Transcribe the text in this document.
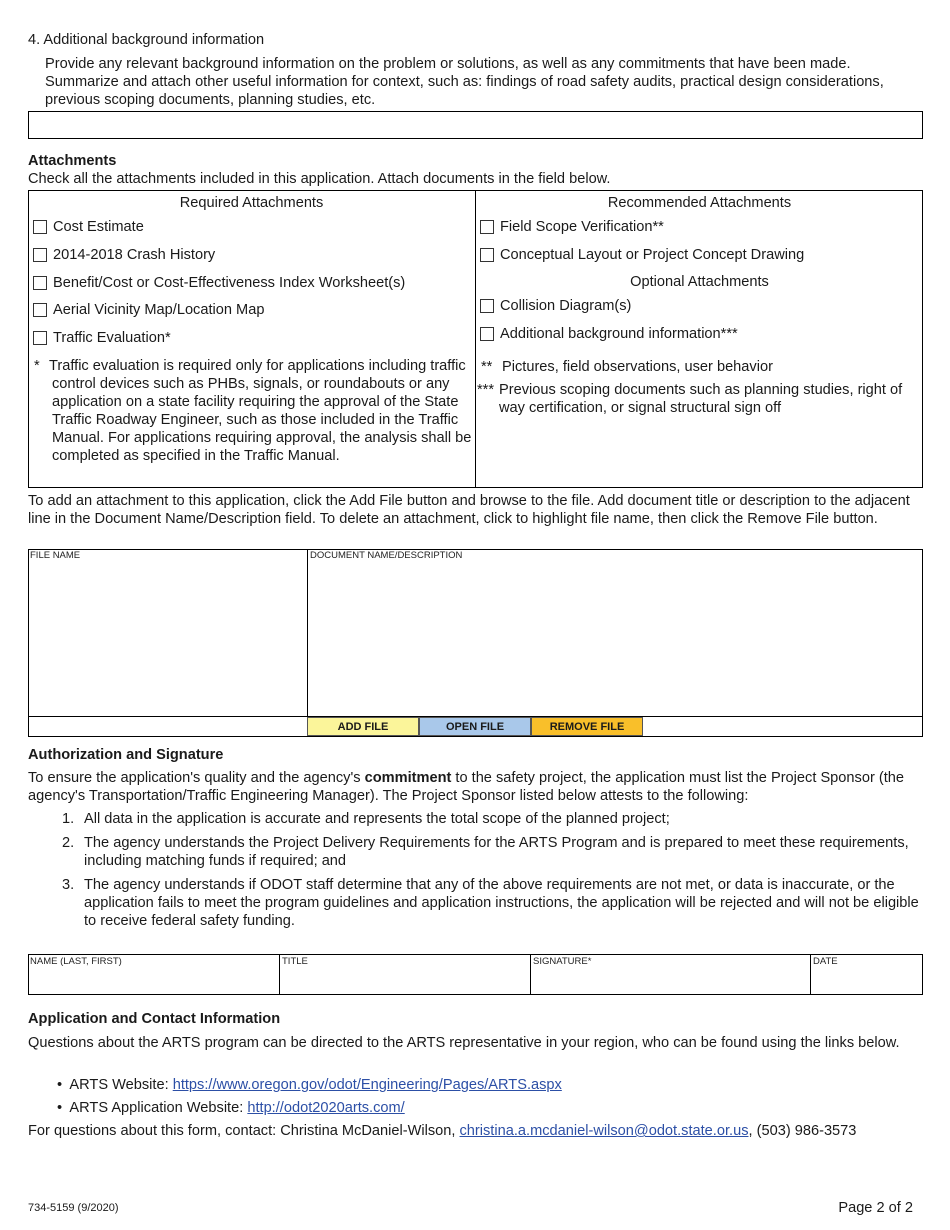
4. Additional background information
Provide any relevant background information on the problem or solutions, as well as any commitments that have been made. Summarize and attach other useful information for context, such as: findings of road safety audits, practical design considerations, previous scoping documents, planning studies, etc.
Attachments
Check all the attachments included in this application. Attach documents in the field below.
Required Attachments
Cost Estimate
2014-2018 Crash History
Benefit/Cost or Cost-Effectiveness Index Worksheet(s)
Aerial Vicinity Map/Location Map
Traffic Evaluation*
* Traffic evaluation is required only for applications including traffic control devices such as PHBs, signals, or roundabouts or any application on a state facility requiring the approval of the State Traffic Roadway Engineer, such as those included in the Traffic Manual. For applications requiring approval, the analysis shall be completed as specified in the Traffic Manual.
Recommended Attachments
Field Scope Verification**
Conceptual Layout or Project Concept Drawing
Optional Attachments
Collision Diagram(s)
Additional background information***
** Pictures, field observations, user behavior
*** Previous scoping documents such as planning studies, right of way certification, or signal structural sign off
To add an attachment to this application, click the Add File button and browse to the file. Add document title or description to the adjacent line in the Document Name/Description field. To delete an attachment, click to highlight file name, then click the Remove File button.
FILE NAME	DOCUMENT NAME/DESCRIPTION
ADD FILE	OPEN FILE	REMOVE FILE
Authorization and Signature
To ensure the application's quality and the agency's commitment to the safety project, the application must list the Project Sponsor (the agency's Transportation/Traffic Engineering Manager). The Project Sponsor listed below attests to the following:
1. All data in the application is accurate and represents the total scope of the planned project;
2. The agency understands the Project Delivery Requirements for the ARTS Program and is prepared to meet these requirements, including matching funds if required; and
3. The agency understands if ODOT staff determine that any of the above requirements are not met, or data is inaccurate, or the application fails to meet the program guidelines and application instructions, the application will be rejected and will not be eligible to receive federal safety funding.
NAME (LAST, FIRST)	TITLE	SIGNATURE*	DATE
Application and Contact Information
Questions about the ARTS program can be directed to the ARTS representative in your region, who can be found using the links below.
•  ARTS Website: https://www.oregon.gov/odot/Engineering/Pages/ARTS.aspx
•  ARTS Application Website: http://odot2020arts.com/
For questions about this form, contact: Christina McDaniel-Wilson, christina.a.mcdaniel-wilson@odot.state.or.us, (503) 986-3573
734-5159 (9/2020)	Page 2 of 2
